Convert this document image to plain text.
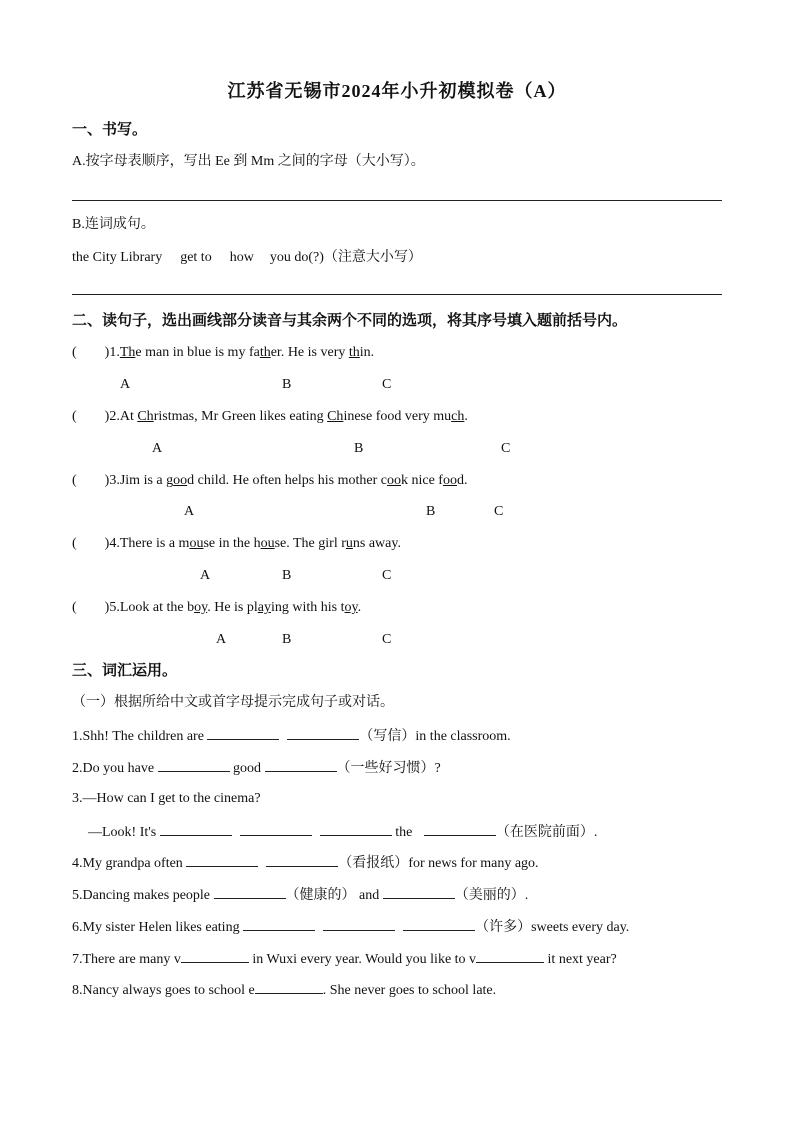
江苏省无锡市2024年小升初模拟卷（A）
一、书写。
A.按字母表顺序，写出 Ee 到 Mm 之间的字母（大小写）。
B.连词成句。
the City Library get to how you do(?)（注意大小写）
二、读句子，选出画线部分读音与其余两个不同的选项，将其序号填入题前括号内。
( )1.The man in blue is my father. He is very thin.
A	B	C
( )2.At Christmas, Mr Green likes eating Chinese food very much.
A	B	C
( )3.Jim is a good child. He often helps his mother cook nice food.
A	B	C
( )4.There is a mouse in the house. The girl runs away.
A	B	C
( )5.Look at the boy. He is playing with his toy.
A	B	C
三、词汇运用。
（一）根据所给中文或首字母提示完成句子或对话。
1.Shh! The children are	（写信）in the classroom.
2.Do you have	good	（一些好习惯）?
3.—How can I get to the cinema?
—Look! It's	the	（在医院前面）.
4.My grandpa often	（看报纸）for news for many ago.
5.Dancing makes people	（健康的） and	（美丽的）.
6.My sister Helen likes eating	（许多）sweets every day.
7.There are many v	in Wuxi every year. Would you like to v	it next year?
8.Nancy always goes to school e	. She never goes to school late.
